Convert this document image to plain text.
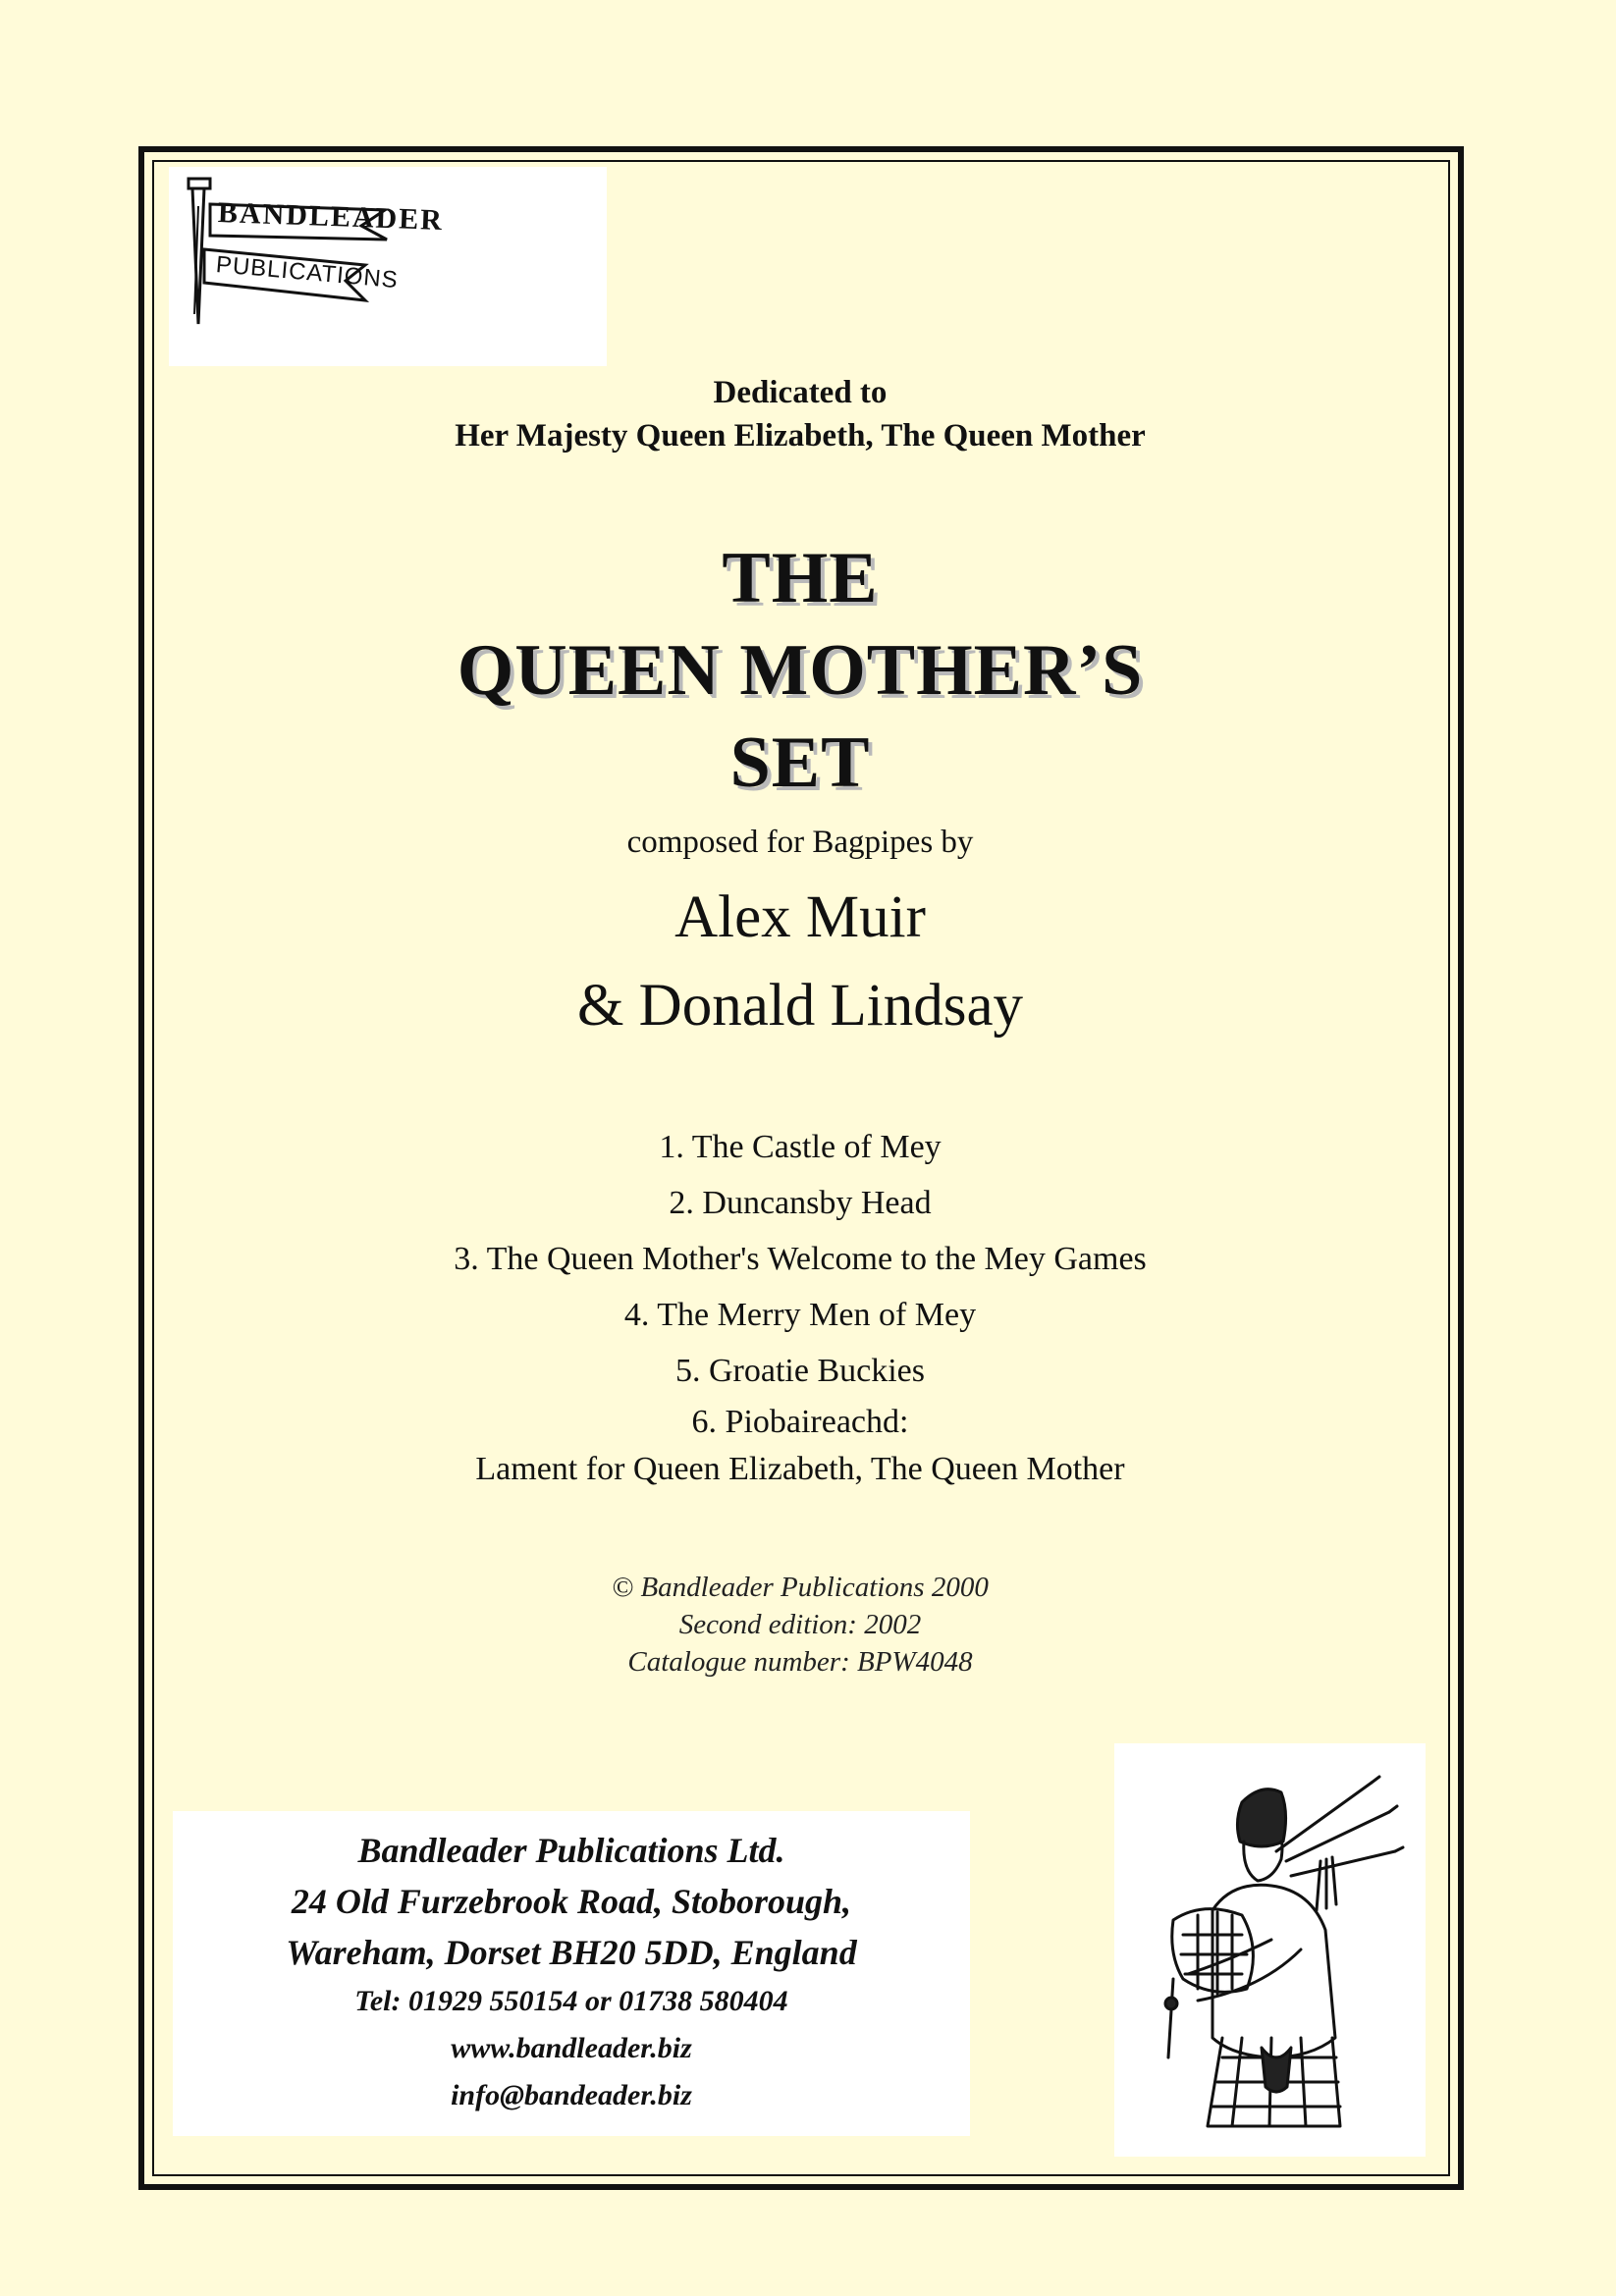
BANDLEADER
PUBLICATIONS
Dedicated to
Her Majesty Queen Elizabeth, The Queen Mother
THE
QUEEN MOTHER’S
SET
composed for Bagpipes by
Alex Muir
& Donald Lindsay
1. The Castle of Mey
2. Duncansby Head
3. The Queen Mother's Welcome to the Mey Games
4. The Merry Men of Mey
5. Groatie Buckies
6. Piobaireachd:
Lament for Queen Elizabeth, The Queen Mother
© Bandleader Publications 2000
Second edition: 2002
Catalogue number: BPW4048
Bandleader Publications Ltd.
24 Old Furzebrook Road, Stoborough,
Wareham, Dorset BH20 5DD, England
Tel: 01929 550154 or 01738 580404
www.bandleader.biz
info@bandeader.biz
